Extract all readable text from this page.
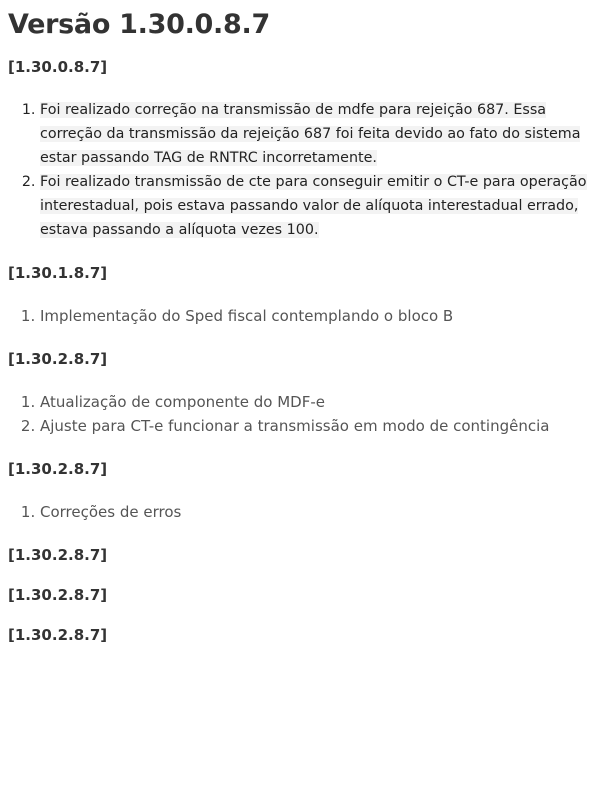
Versão 1.30.0.8.7
[1.30.0.8.7]
1. Foi realizado correção na transmissão de mdfe para rejeição 687. Essa correção da transmissão da rejeição 687 foi feita devido ao fato do sistema estar passando TAG de RNTRC incorretamente.
2. Foi realizado transmissão de cte para conseguir emitir o CT-e para operação interestadual, pois estava passando valor de alíquota interestadual errado, estava passando a alíquota vezes 100.
[1.30.1.8.7]
1. Implementação do Sped fiscal contemplando o bloco B
[1.30.2.8.7]
1. Atualização de componente do MDF-e
2. Ajuste para CT-e funcionar a transmissão em modo de contingência
[1.30.2.8.7]
1. Correções de erros
[1.30.2.8.7]
[1.30.2.8.7]
[1.30.2.8.7]
